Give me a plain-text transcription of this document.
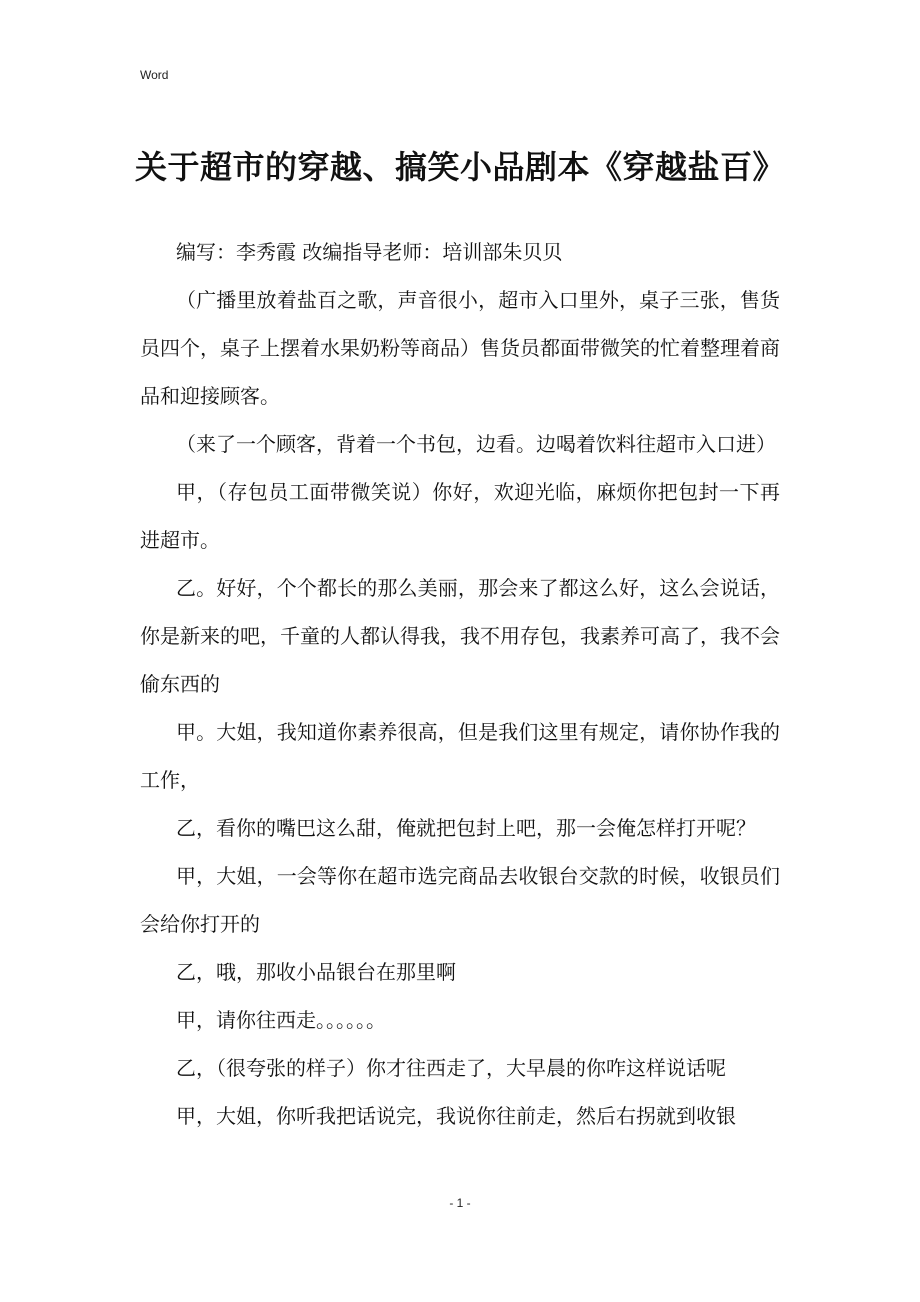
Word
关于超市的穿越、搞笑小品剧本《穿越盐百》

编写：李秀霞 改编指导老师：培训部朱贝贝

（广播里放着盐百之歌，声音很小，超市入口里外，桌子三张，售货员四个，桌子上摆着水果奶粉等商品）售货员都面带微笑的忙着整理着商品和迎接顾客。

（来了一个顾客，背着一个书包，边看。边喝着饮料往超市入口进）

甲，（存包员工面带微笑说）你好，欢迎光临，麻烦你把包封一下再进超市。

乙。好好，个个都长的那么美丽，那会来了都这么好，这么会说话，你是新来的吧，千童的人都认得我，我不用存包，我素养可高了，我不会偷东西的

甲。大姐，我知道你素养很高，但是我们这里有规定，请你协作我的工作，

乙，看你的嘴巴这么甜，俺就把包封上吧，那一会俺怎样打开呢？

甲，大姐，一会等你在超市选完商品去收银台交款的时候，收银员们会给你打开的

乙，哦，那收小品银台在那里啊

甲，请你往西走。。。。。。

乙，（很夸张的样子）你才往西走了，大早晨的你咋这样说话呢

甲，大姐，你听我把话说完，我说你往前走，然后右拐就到收银

- 1 -
